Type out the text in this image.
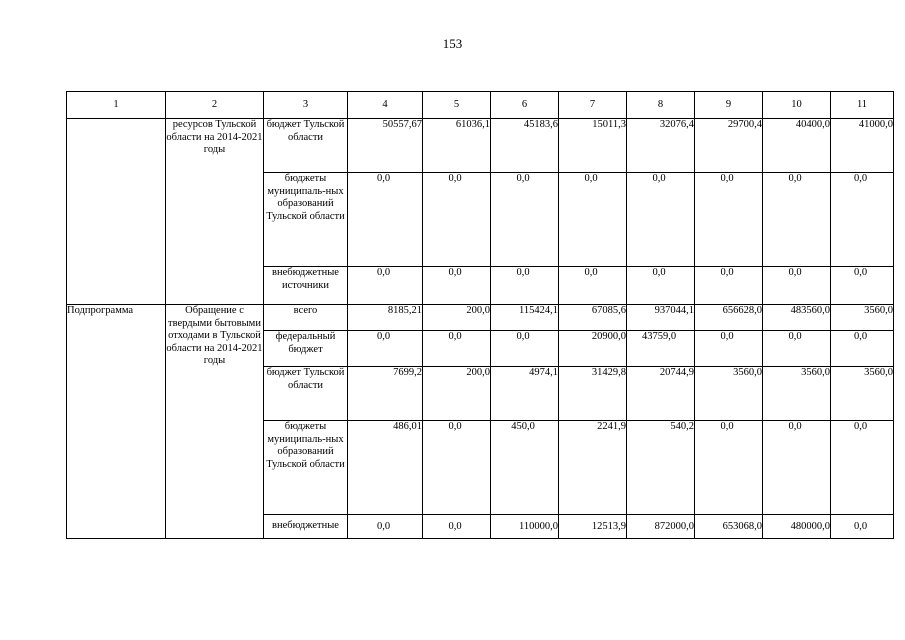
153
1	2	3	4	5	6	7	8	9	10	11
	ресурсов Тульской области на 2014-2021 годы	бюджет Тульской области	50557,67	61036,1	45183,6	15011,3	32076,4	29700,4	40400,0	41000,0
		бюджеты муниципаль-ных образований Тульской области	0,0	0,0	0,0	0,0	0,0	0,0	0,0	0,0
		внебюджетные источники	0,0	0,0	0,0	0,0	0,0	0,0	0,0	0,0
Подпрограмма	Обращение с твердыми бытовыми отходами в Тульской области на 2014-2021 годы	всего	8185,21	200,0	115424,1	67085,6	937044,1	656628,0	483560,0	3560,0
		федеральный бюджет	0,0	0,0	0,0	20900,0	43759,0	0,0	0,0	0,0
		бюджет Тульской области	7699,2	200,0	4974,1	31429,8	20744,9	3560,0	3560,0	3560,0
		бюджеты муниципаль-ных образований Тульской области	486,01	0,0	450,0	2241,9	540,2	0,0	0,0	0,0
		внебюджетные	0,0	0,0	110000,0	12513,9	872000,0	653068,0	480000,0	0,0
